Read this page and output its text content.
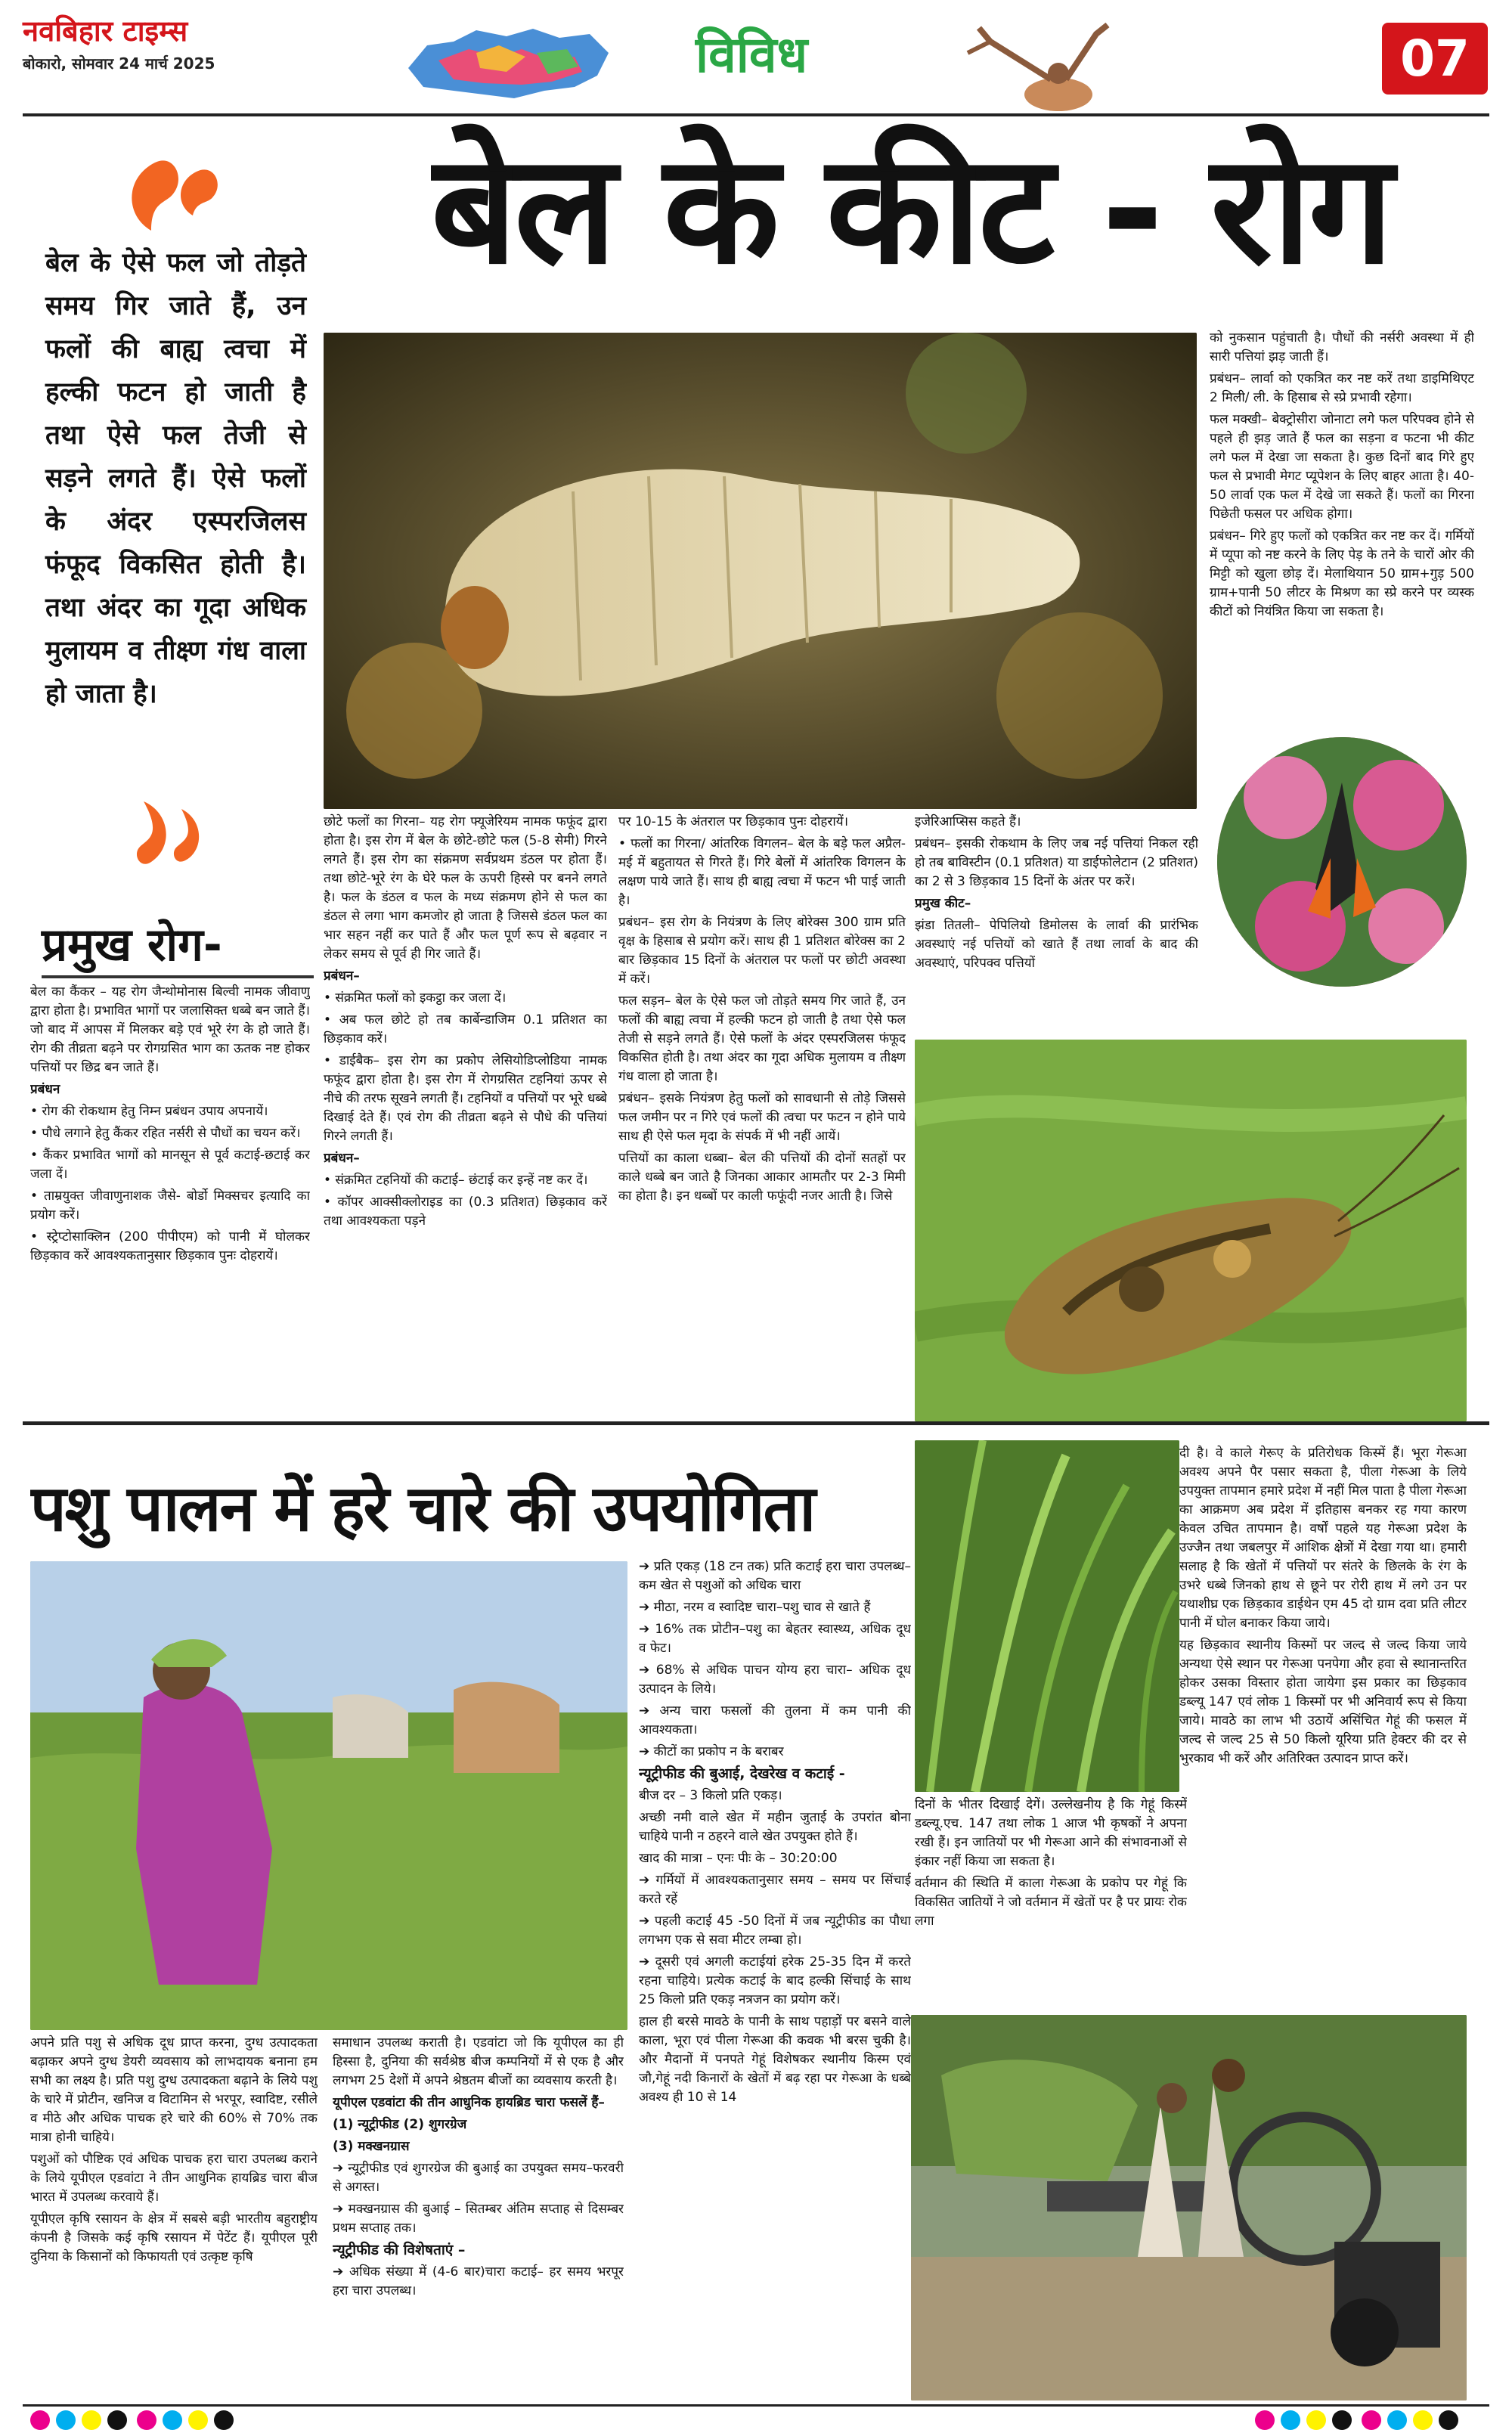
नवबिहार टाइम्स
बोकारो, सोमवार 24 मार्च 2025	विविध	07
बेल के कीट - रोग
बेल के ऐसे फल जो तोड़ते समय गिर जाते हैं, उन फलों की बाह्य त्वचा में हल्की फटन हो जाती है तथा ऐसे फल तेजी से सड़ने लगते हैं। ऐसे फलों के अंदर एस्परजिलस फंफूद विकसित होती है। तथा अंदर का गूदा अधिक मुलायम व तीक्ष्ण गंध वाला हो जाता है।
प्रमुख रोग-

बेल का कैंकर – यह रोग जैन्थोमोनास बिल्वी नामक जीवाणु द्वारा होता है। प्रभावित भागों पर जलासिक्त धब्बे बन जाते हैं। जो बाद में आपस में मिलकर बड़े एवं भूरे रंग के हो जाते हैं। रोग की तीव्रता बढ़ने पर रोगग्रसित भाग का ऊतक नष्ट होकर पत्तियों पर छिद्र बन जाते हैं।

प्रबंधन

• रोग की रोकथाम हेतु निम्न प्रबंधन उपाय अपनायें।

• पौधे लगाने हेतु कैंकर रहित नर्सरी से पौधों का चयन करें।

• कैंकर प्रभावित भागों को मानसून से पूर्व कटाई-छटाई कर जला दें।

• ताम्रयुक्त जीवाणुनाशक जैसे- बोर्डो मिक्सचर इत्यादि का प्रयोग करें।

• स्ट्रेप्टोसाक्लिन (200 पीपीएम) को पानी में घोलकर छिड़काव करें आवश्यकतानुसार छिड़काव पुनः दोहरायें।

छोटे फलों का गिरना– यह रोग फ्यूजेरियम नामक फफूंद द्वारा होता है। इस रोग में बेल के छोटे-छोटे फल (5-8 सेमी) गिरने लगते हैं। इस रोग का संक्रमण सर्वप्रथम डंठल पर होता हैं। तथा छोटे-भूरे रंग के घेरे फल के ऊपरी हिस्से पर बनने लगते है। फल के डंठल व फल के मध्य संक्रमण होने से फल का डंठल से लगा भाग कमजोर हो जाता है जिससे डंठल फल का भार सहन नहीं कर पाते हैं और फल पूर्ण रूप से बढ़वार न लेकर समय से पूर्व ही गिर जाते हैं।

प्रबंधन–

• संक्रमित फलों को इकट्ठा कर जला दें।

• अब फल छोटे हो तब कार्बेन्डाजिम 0.1 प्रतिशत का छिड़काव करें।

• डाईबैक– इस रोग का प्रकोप लेसियोडिप्लोडिया नामक फफूंद द्वारा होता है। इस रोग में रोगग्रसित टहनियां ऊपर से नीचे की तरफ सूखने लगती हैं। टहनियों व पत्तियों पर भूरे धब्बे दिखाई देते हैं। एवं रोग की तीव्रता बढ़ने से पौधे की पत्तियां गिरने लगती हैं।

प्रबंधन–

• संक्रमित टहनियों की कटाई– छंटाई कर इन्हें नष्ट कर दें।

• कॉपर आक्सीक्लोराइड का (0.3 प्रतिशत) छिड़काव करें तथा आवश्यकता पड़ने

पर 10-15 के अंतराल पर छिड़काव पुनः दोहरायें।

• फलों का गिरना/ आंतरिक विगलन– बेल के बड़े फल अप्रैल-मई में बहुतायत से गिरते हैं। गिरे बेलों में आंतरिक विगलन के लक्षण पाये जाते हैं। साथ ही बाह्य त्वचा में फटन भी पाई जाती है।

प्रबंधन– इस रोग के नियंत्रण के लिए बोरेक्स 300 ग्राम प्रति वृक्ष के हिसाब से प्रयोग करें। साथ ही 1 प्रतिशत बोरेक्स का 2 बार छिड़काव 15 दिनों के अंतराल पर फलों पर छोटी अवस्था में करें।

फल सड़न– बेल के ऐसे फल जो तोड़ते समय गिर जाते हैं, उन फलों की बाह्य त्वचा में हल्की फटन हो जाती है तथा ऐसे फल तेजी से सड़ने लगते हैं। ऐसे फलों के अंदर एस्परजिलस फंफूद विकसित होती है। तथा अंदर का गूदा अधिक मुलायम व तीक्ष्ण गंध वाला हो जाता है।

प्रबंधन– इसके नियंत्रण हेतु फलों को सावधानी से तोड़े जिससे फल जमीन पर न गिरे एवं फलों की त्वचा पर फटन न होने पाये साथ ही ऐसे फल मृदा के संपर्क में भी नहीं आयें।

पत्तियों का काला धब्बा– बेल की पत्तियों की दोनों सतहों पर काले धब्बे बन जाते है जिनका आकार आमतौर पर 2-3 मिमी का होता है। इन धब्बों पर काली फफूंदी नजर आती है। जिसे

इजेरिआप्सिस कहते हैं।

प्रबंधन– इसकी रोकथाम के लिए जब नई पत्तियां निकल रही हो तब बाविस्टीन (0.1 प्रतिशत) या डाईफोलेटान (2 प्रतिशत) का 2 से 3 छिड़काव 15 दिनों के अंतर पर करें।

प्रमुख कीट–

झंडा तितली– पेपिलियो डिमोलस के लार्वा की प्रारंभिक अवस्थाएं नई पत्तियों को खाते हैं तथा लार्वा के बाद की अवस्थाएं, परिपक्व पत्तियों

को नुकसान पहुंचाती है। पौधों की नर्सरी अवस्था में ही सारी पत्तियां झड़ जाती हैं।

प्रबंधन– लार्वा को एकत्रित कर नष्ट करें तथा डाइमिथिएट 2 मिली/ ली. के हिसाब से स्प्रे प्रभावी रहेगा।

फल मक्खी– बेक्ट्रोसीरा जोनाटा लगे फल परिपक्व होने से पहले ही झड़ जाते हैं फल का सड़ना व फटना भी कीट लगे फल में देखा जा सकता है। कुछ दिनों बाद गिरे हुए फल से प्रभावी मेगट प्यूपेशन के लिए बाहर आता है। 40-50 लार्वा एक फल में देखे जा सकते हैं। फलों का गिरना पिछेती फसल पर अधिक होगा।

प्रबंधन– गिरे हुए फलों को एकत्रित कर नष्ट कर दें। गर्मियों में प्यूपा को नष्ट करने के लिए पेड़ के तने के चारों ओर की मिट्टी को खुला छोड़ दें। मेलाथियान 50 ग्राम+गुड़ 500 ग्राम+पानी 50 लीटर के मिश्रण का स्प्रे करने पर व्यस्क कीटों को नियंत्रित किया जा सकता है।

पशु पालन में हरे चारे की उपयोगिता

अपने प्रति पशु से अधिक दूध प्राप्त करना, दुग्ध उत्पादकता बढ़ाकर अपने दुग्ध डेयरी व्यवसाय को लाभदायक बनाना हम सभी का लक्ष्य है। प्रति पशु दुग्ध उत्पादकता बढ़ाने के लिये पशु के चारे में प्रोटीन, खनिज व विटामिन से भरपूर, स्वादिष्ट, रसीले व मीठे और अधिक पाचक हरे चारे की 60% से 70% तक मात्रा होनी चाहिये।

पशुओं को पौष्टिक एवं अधिक पाचक हरा चारा उपलब्ध कराने के लिये यूपीएल एडवांटा ने तीन आधुनिक हायब्रिड चारा बीज भारत में उपलब्ध करवाये हैं।

यूपीएल कृषि रसायन के क्षेत्र में सबसे बड़ी भारतीय बहुराष्ट्रीय कंपनी है जिसके कई कृषि रसायन में पेटेंट हैं। यूपीएल पूरी दुनिया के किसानों को किफायती एवं उत्कृष्ट कृषि

समाधान उपलब्ध कराती है। एडवांटा जो कि यूपीएल का ही हिस्सा है, दुनिया की सर्वश्रेष्ठ बीज कम्पनियों में से एक है और लगभग 25 देशों में अपने श्रेष्ठतम बीजों का व्यवसाय करती है।

यूपीएल एडवांटा की तीन आधुनिक हायब्रिड चारा फसलें हैं–

(1) न्यूट्रीफीड (2) शुगरग्रेज

(3) मक्खनग्रास

➔ न्यूट्रीफीड एवं शुगरग्रेज की बुआई का उपयुक्त समय–फरवरी से अगस्त।

➔ मक्खनग्रास की बुआई – सितम्बर अंतिम सप्ताह से दिसम्बर प्रथम सप्ताह तक।

न्यूट्रीफीड की विशेषताएं –

➔ अधिक संख्या में (4-6 बार)चारा कटाई– हर समय भरपूर हरा चारा उपलब्ध।

➔ प्रति एकड़ (18 टन तक) प्रति कटाई हरा चारा उपलब्ध– कम खेत से पशुओं को अधिक चारा

➔ मीठा, नरम व स्वादिष्ट चारा–पशु चाव से खाते हैं

➔ 16% तक प्रोटीन–पशु का बेहतर स्वास्थ्य, अधिक दूध व फेट।

➔ 68% से अधिक पाचन योग्य हरा चारा– अधिक दूध उत्पादन के लिये।

➔ अन्य चारा फसलों की तुलना में कम पानी की आवश्यकता।

➔ कीटों का प्रकोप न के बराबर

न्यूट्रीफीड की बुआई, देखरेख व कटाई -

बीज दर – 3 किलो प्रति एकड़।

अच्छी नमी वाले खेत में महीन जुताई के उपरांत बोना चाहिये पानी न ठहरने वाले खेत उपयुक्त होते हैं।

खाद की मात्रा – एनः पीः के – 30:20:00

➔ गर्मियों में आवश्यकतानुसार समय – समय पर सिंचाई करते रहें

➔ पहली कटाई 45 -50 दिनों में जब न्यूट्रीफीड का पौधा लगभग एक से सवा मीटर लम्बा हो।

➔ दूसरी एवं अगली कटाईयां हरेक 25-35 दिन में करते रहना चाहिये। प्रत्येक कटाई के बाद हल्की सिंचाई के साथ 25 किलो प्रति एकड़ नत्रजन का प्रयोग करें।

हाल ही बरसे मावठे के पानी के साथ पहाड़ों पर बसने वाले काला, भूरा एवं पीला गेरूआ की कवक भी बरस चुकी है। और मैदानों में पनपते गेहूं विशेषकर स्थानीय किस्म एवं जौ,गेहूं नदी किनारों के खेतों में बढ़ रहा पर गेरूआ के धब्बे अवश्य ही 10 से 14

दिनों के भीतर दिखाई देगें। उल्लेखनीय है कि गेहूं किस्में डब्ल्यू.एच. 147 तथा लोक 1 आज भी कृषकों ने अपना रखी हैं। इन जातियों पर भी गेरूआ आने की संभावनाओं से इंकार नहीं किया जा सकता है।

वर्तमान की स्थिति में काला गेरूआ के प्रकोप पर गेहूं कि विकसित जातियों ने जो वर्तमान में खेतों पर है पर प्रायः रोक लगा

दी है। वे काले गेरूए के प्रतिरोधक किस्में हैं। भूरा गेरूआ अवश्य अपने पैर पसार सकता है, पीला गेरूआ के लिये उपयुक्त तापमान हमारे प्रदेश में नहीं मिल पाता है पीला गेरूआ का आक्रमण अब प्रदेश में इतिहास बनकर रह गया कारण केवल उचित तापमान है। वर्षों पहले यह गेरूआ प्रदेश के उज्जैन तथा जबलपुर में आंशिक क्षेत्रों में देखा गया था। हमारी सलाह है कि खेतों में पत्तियों पर संतरे के छिलके के रंग के उभरे धब्बे जिनको हाथ से छूने पर रोरी हाथ में लगे उन पर यथाशीघ्र एक छिड़काव डाईथेन एम 45 दो ग्राम दवा प्रति लीटर पानी में घोल बनाकर किया जाये।

यह छिड़काव स्थानीय किस्मों पर जल्द से जल्द किया जाये अन्यथा ऐसे स्थान पर गेरूआ पनपेगा और हवा से स्थानान्तरित होकर उसका विस्तार होता जायेगा इस प्रकार का छिड़काव डब्ल्यू 147 एवं लोक 1 किस्मों पर भी अनिवार्य रूप से किया जाये। मावठे का लाभ भी उठायें असिंचित गेहूं की फसल में जल्द से जल्द 25 से 50 किलो यूरिया प्रति हेक्टर की दर से भुरकाव भी करें और अतिरिक्त उत्पादन प्राप्त करें।
